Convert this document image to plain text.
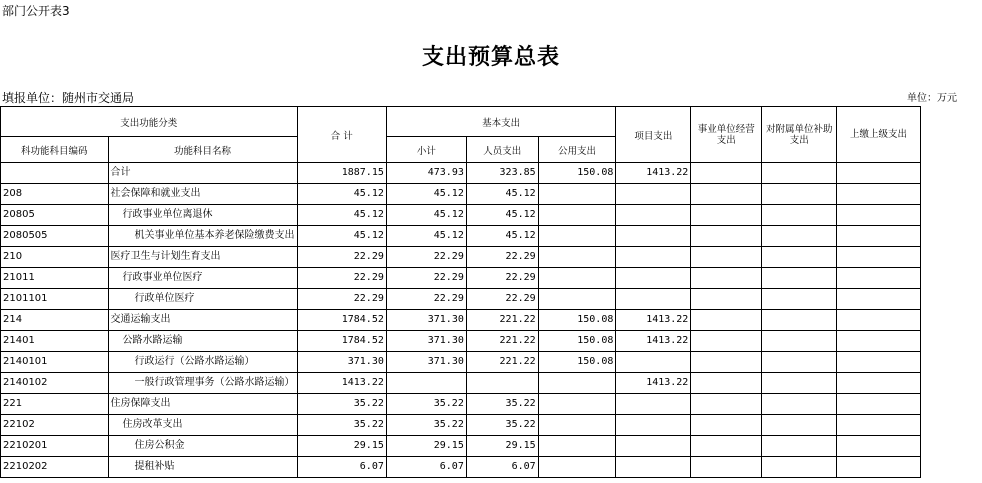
部门公开表3
支出预算总表
填报单位：随州市交通局	单位：万元
支出功能分类		合 计	基本支出			项目支出	事业单位经营支出	对附属单位补助支出	上缴上级支出	
科功能科目编码	功能科目名称		小计	人员支出	公用支出					
	合计	1887.15	473.93	323.85	150.08	1413.22				
208	社会保障和就业支出	45.12	45.12	45.12						
20805	行政事业单位离退休	45.12	45.12	45.12						
2080505	机关事业单位基本养老保险缴费支出	45.12	45.12	45.12						
210	医疗卫生与计划生育支出	22.29	22.29	22.29						
21011	行政事业单位医疗	22.29	22.29	22.29						
2101101	行政单位医疗	22.29	22.29	22.29						
214	交通运输支出	1784.52	371.30	221.22	150.08	1413.22				
21401	公路水路运输	1784.52	371.30	221.22	150.08	1413.22				
2140101	行政运行（公路水路运输）	371.30	371.30	221.22	150.08					
2140102	一般行政管理事务（公路水路运输）	1413.22				1413.22				
221	住房保障支出	35.22	35.22	35.22						
22102	住房改革支出	35.22	35.22	35.22						
2210201	住房公积金	29.15	29.15	29.15						
2210202	提租补贴	6.07	6.07	6.07						
